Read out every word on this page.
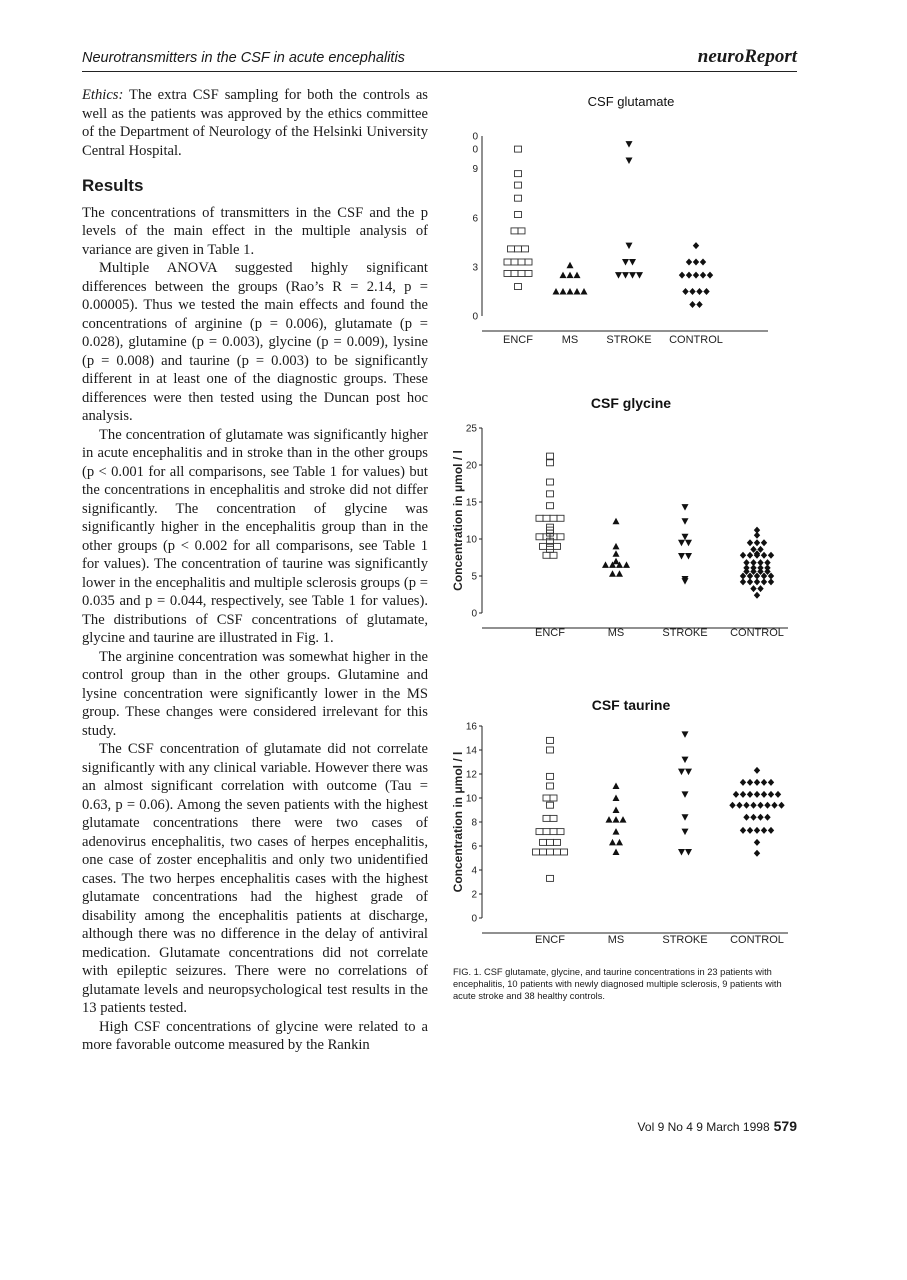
Neurotransmitters in the CSF in acute encephalitis	neuroReport

Ethics: The extra CSF sampling for both the controls as well as the patients was approved by the ethics committee of the Department of Neurology of the Helsinki University Central Hospital.

Results

The concentrations of transmitters in the CSF and the p levels of the main effect in the multiple analysis of variance are given in Table 1.

Multiple ANOVA suggested highly significant differences between the groups (Rao’s R = 2.14, p = 0.00005). Thus we tested the main effects and found the concentrations of arginine (p = 0.006), glutamate (p = 0.028), glutamine (p = 0.003), glycine (p = 0.009), lysine (p = 0.008) and taurine (p = 0.003) to be significantly different in at least one of the diagnostic groups. These differences were then tested using the Duncan post hoc analysis.

The concentration of glutamate was significantly higher in acute encephalitis and in stroke than in the other groups (p < 0.001 for all comparisons, see Table 1 for values) but the concentrations in encephalitis and stroke did not differ significantly. The concentration of glycine was significantly higher in the encephalitis group than in the other groups (p < 0.002 for all comparisons, see Table 1 for values). The concentration of taurine was significantly lower in the encephalitis and multiple sclerosis groups (p = 0.035 and p = 0.044, respectively, see Table 1 for values). The distributions of CSF concentrations of glutamate, glycine and taurine are illustrated in Fig. 1.

The arginine concentration was somewhat higher in the control group than in the other groups. Glutamine and lysine concentration were significantly lower in the MS group. These changes were considered irrelevant for this study.

The CSF concentration of glutamate did not correlate significantly with any clinical variable. However there was an almost significant correlation with outcome (Tau = 0.63, p = 0.06). Among the seven patients with the highest glutamate concentrations there were two cases of adenovirus encephalitis, two cases of herpes encephalitis, one case of zoster encephalitis and only two unidentified cases. The two herpes encephalitis cases with the highest glutamate concentrations had the highest grade of disability among the encephalitis patients at discharge, although there was no difference in the delay of antiviral medication. Glutamate concentrations did not correlate with epileptic seizures. There were no correlations of glutamate levels and neuropsychological test results in the 13 patients tested.

High CSF concentrations of glycine were related to a more favorable outcome measured by the Rankin

CSF glutamate
0
3
6
9
0
0
ENCF	MS	STROKE CONTROL
CSF glycine
0
5
10
15
20
25
Concentration in μmol / l
ENCF	MS	STROKE CONTROL
CSF taurine
0
2
4
6
8
10
12
14
16
Concentration in μmol / l
ENCF	MS	STROKE CONTROL
FIG. 1. CSF glutamate, glycine, and taurine concentrations in 23 patients with encephalitis, 10 patients with newly diagnosed multiple sclerosis, 9 patients with acute stroke and 38 healthy controls.
Vol 9 No 4 9 March 1998 579
